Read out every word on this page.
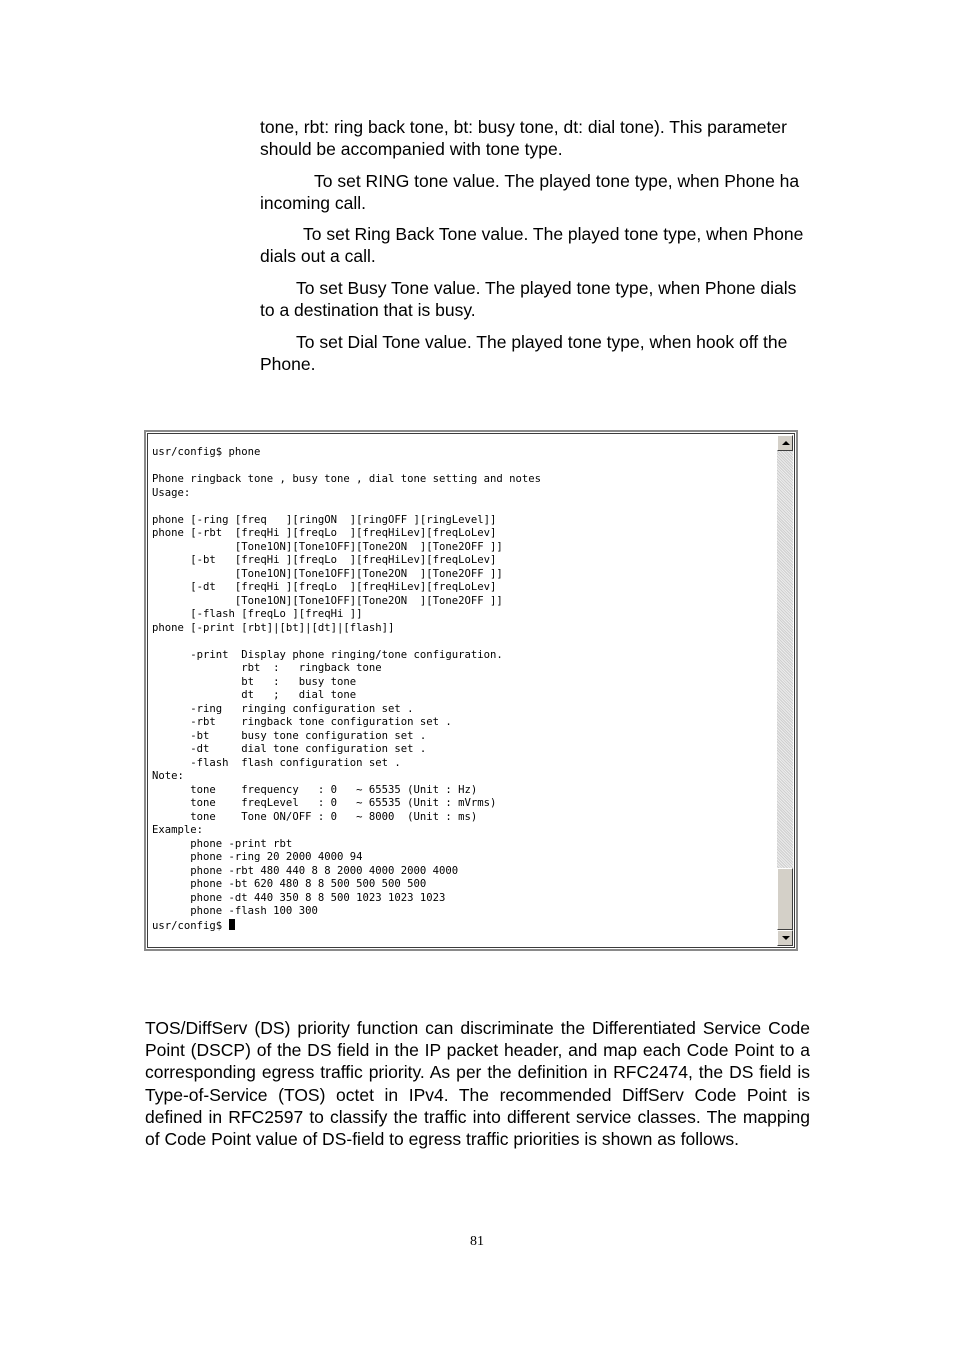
tone, rbt: ring back tone, bt: busy tone, dt: dial tone). This parameter should be accompanied with tone type.

To set RING tone value. The played tone type, when Phone ha incoming call.

To set Ring Back Tone value. The played tone type, when Phone dials out a call.

To set Busy Tone value. The played tone type, when Phone dials to a destination that is busy.

To set Dial Tone value. The played tone type, when hook off the Phone.

usr/config$ phone

Phone ringback tone , busy tone , dial tone setting and notes
Usage:

phone [-ring [freq   ][ringON  ][ringOFF ][ringLevel]]
phone [-rbt  [freqHi ][freqLo  ][freqHiLev][freqLoLev]
[Tone1ON][Tone1OFF][Tone2ON  ][Tone2OFF ]]
[-bt   [freqHi ][freqLo  ][freqHiLev][freqLoLev]
[Tone1ON][Tone1OFF][Tone2ON  ][Tone2OFF ]]
[-dt   [freqHi ][freqLo  ][freqHiLev][freqLoLev]
[Tone1ON][Tone1OFF][Tone2ON  ][Tone2OFF ]]
[-flash [freqLo ][freqHi ]]
phone [-print [rbt]|[bt]|[dt]|[flash]]

-print  Display phone ringing/tone configuration.
rbt  :   ringback tone
bt   :   busy tone
dt   ;   dial tone
-ring   ringing configuration set .
-rbt    ringback tone configuration set .
-bt     busy tone configuration set .
-dt     dial tone configuration set .
-flash  flash configuration set .
Note:
tone    frequency   : 0   ~ 65535 (Unit : Hz)
tone    freqLevel   : 0   ~ 65535 (Unit : mVrms)
tone    Tone ON/OFF : 0   ~ 8000  (Unit : ms)
Example:
phone -print rbt
phone -ring 20 2000 4000 94
phone -rbt 480 440 8 8 2000 4000 2000 4000
phone -bt 620 480 8 8 500 500 500 500
phone -dt 440 350 8 8 500 1023 1023 1023
phone -flash 100 300
usr/config$

TOS/DiffServ (DS) priority function can discriminate the Differentiated Service Code Point (DSCP) of the DS field in the IP packet header, and map each Code Point to a corresponding egress traffic priority. As per the definition in RFC2474, the DS field is Type-of-Service (TOS) octet in IPv4. The recommended DiffServ Code Point is defined in RFC2597 to classify the traffic into different service classes. The mapping of Code Point value of DS-field to egress traffic priorities is shown as follows.

81
